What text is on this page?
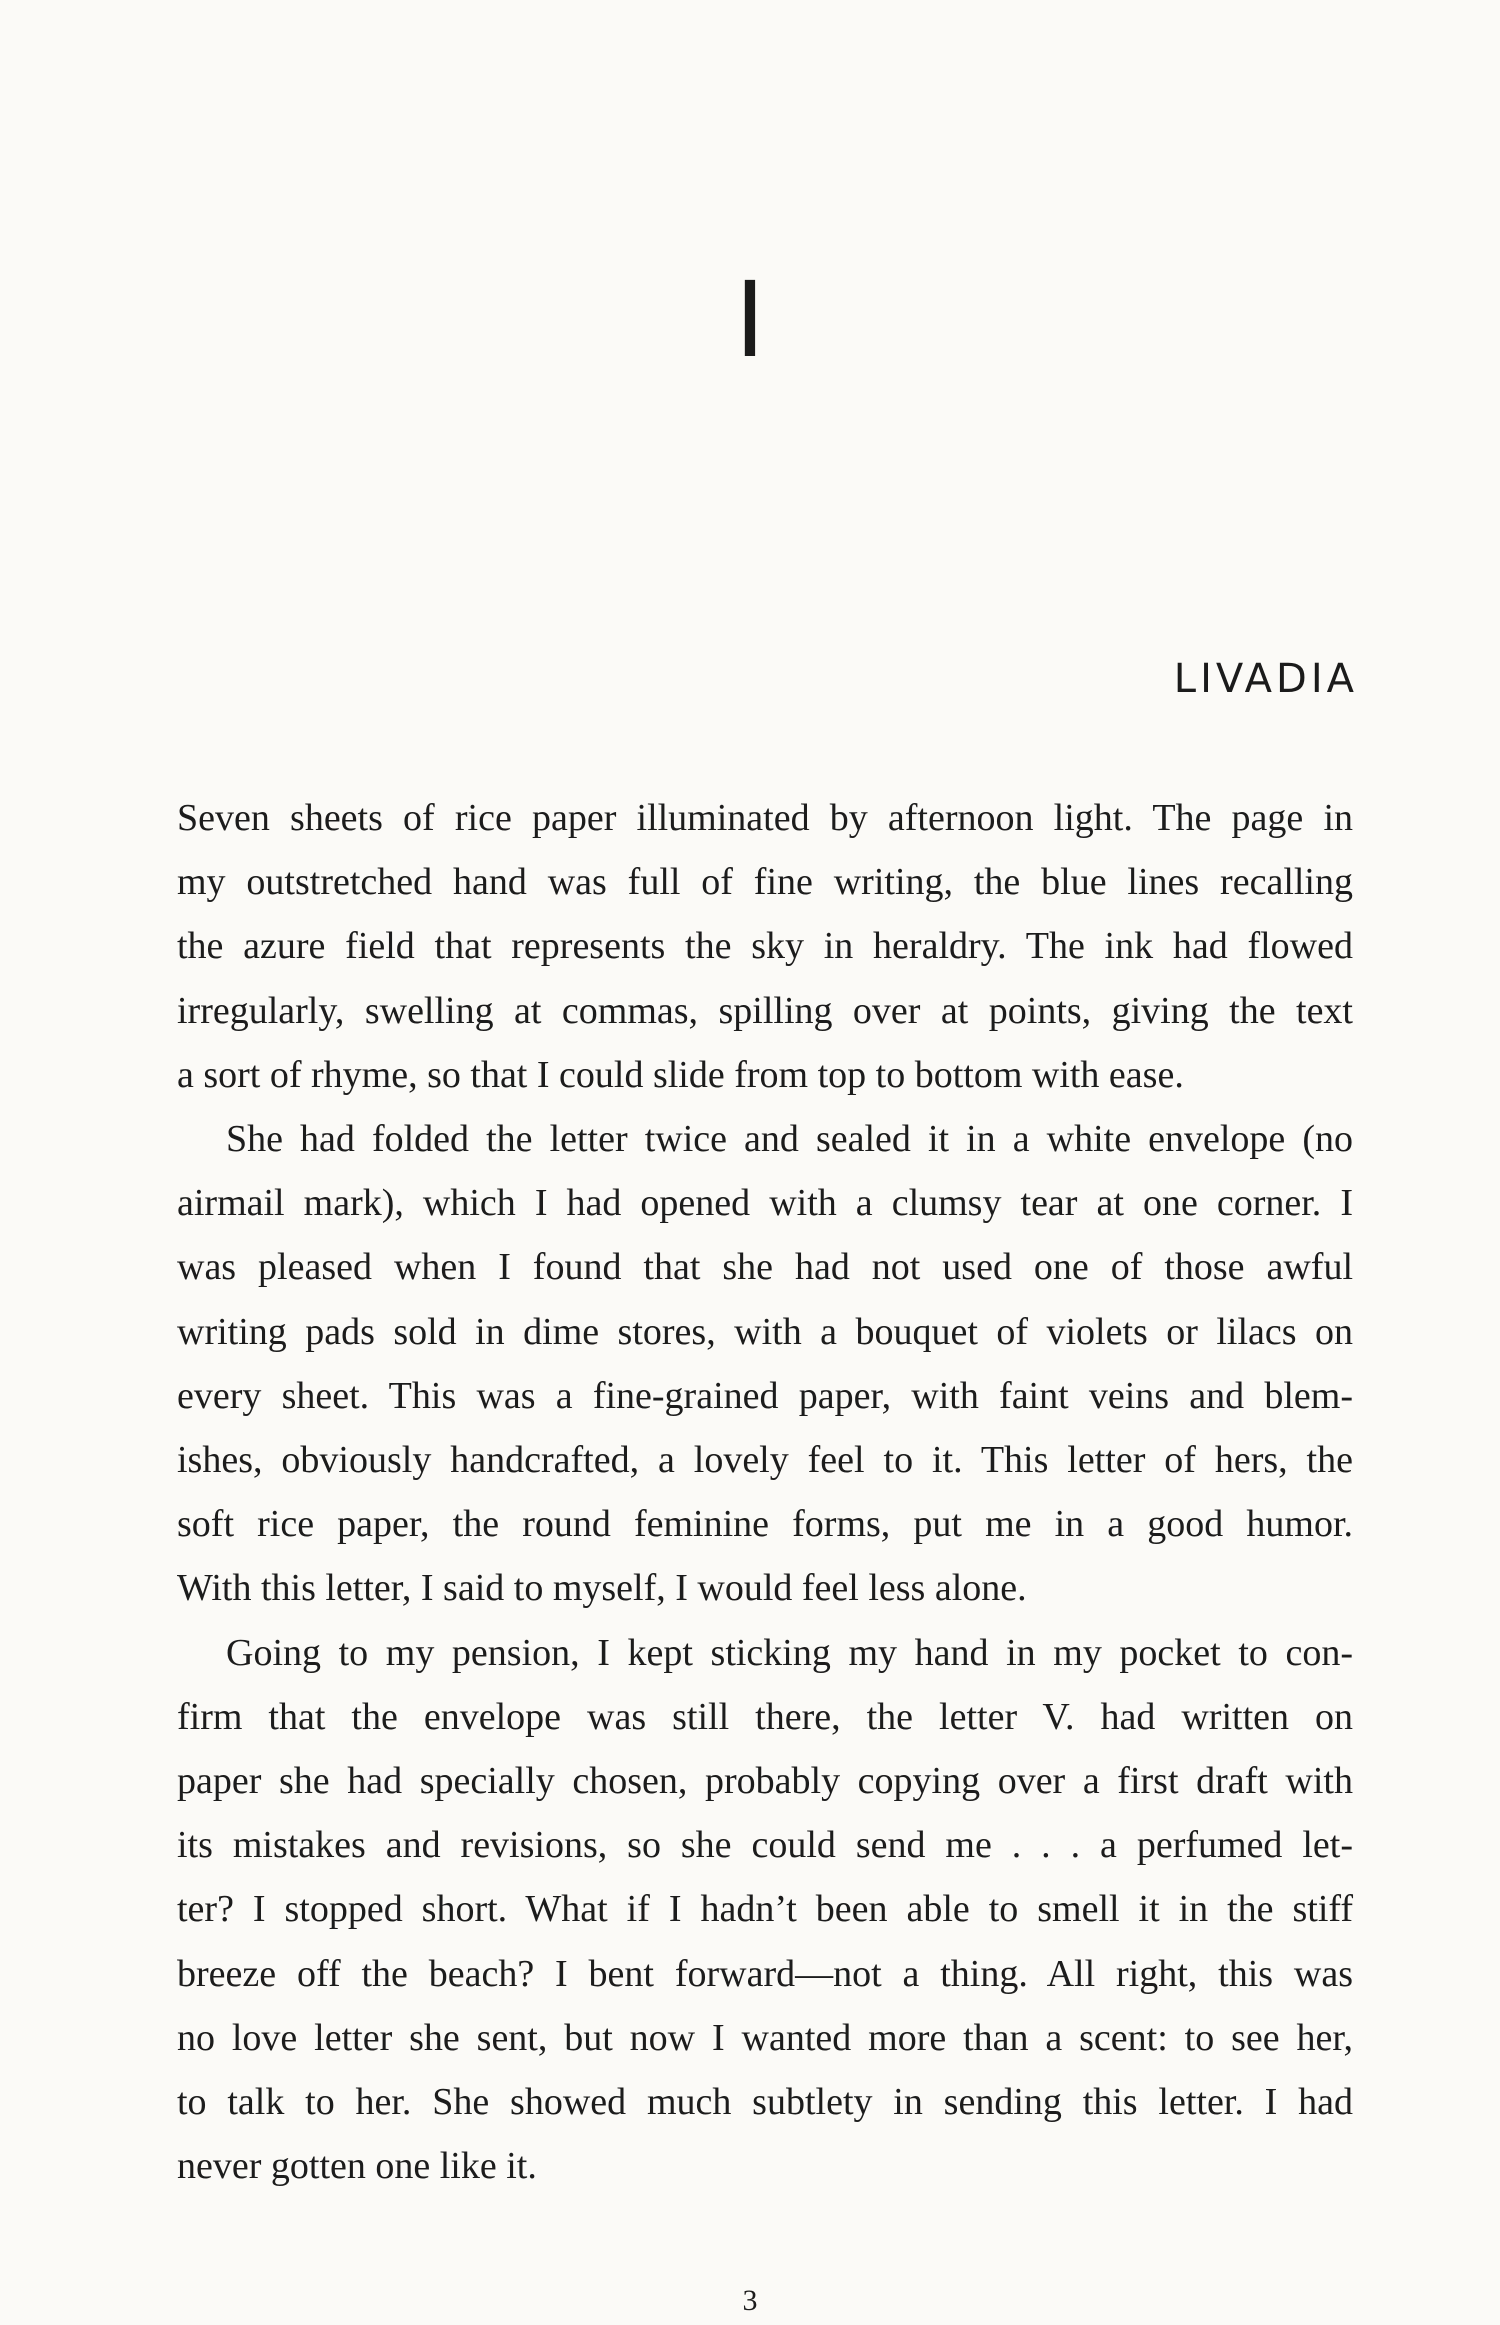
I
LIVADIA

Seven sheets of rice paper illuminated by afternoon light. The page in
my outstretched hand was full of fine writing, the blue lines recalling
the azure field that represents the sky in heraldry. The ink had flowed
irregularly, swelling at commas, spilling over at points, giving the text
a sort of rhyme, so that I could slide from top to bottom with ease.

She had folded the letter twice and sealed it in a white envelope (no
airmail mark), which I had opened with a clumsy tear at one corner. I
was pleased when I found that she had not used one of those awful
writing pads sold in dime stores, with a bouquet of violets or lilacs on
every sheet. This was a fine-grained paper, with faint veins and blem-
ishes, obviously handcrafted, a lovely feel to it. This letter of hers, the
soft rice paper, the round feminine forms, put me in a good humor.
With this letter, I said to myself, I would feel less alone.

Going to my pension, I kept sticking my hand in my pocket to con-
firm that the envelope was still there, the letter V. had written on
paper she had specially chosen, probably copying over a first draft with
its mistakes and revisions, so she could send me . . . a perfumed let-
ter? I stopped short. What if I hadn’t been able to smell it in the stiff
breeze off the beach? I bent forward—not a thing. All right, this was
no love letter she sent, but now I wanted more than a scent: to see her,
to talk to her. She showed much subtlety in sending this letter. I had
never gotten one like it.

3
